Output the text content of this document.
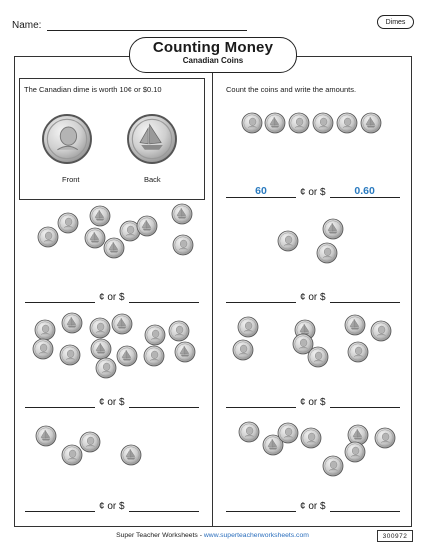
Name:	Dimes
Counting Money
Canadian Coins
The Canadian dime is worth 10¢ or $0.10
Front	Back
Count the coins and write the amounts.
60	¢ or $	0.60
¢ or $	¢ or $
¢ or $	¢ or $
¢ or $	¢ or $
Super Teacher Worksheets - www.superteacherworksheets.com	300972
